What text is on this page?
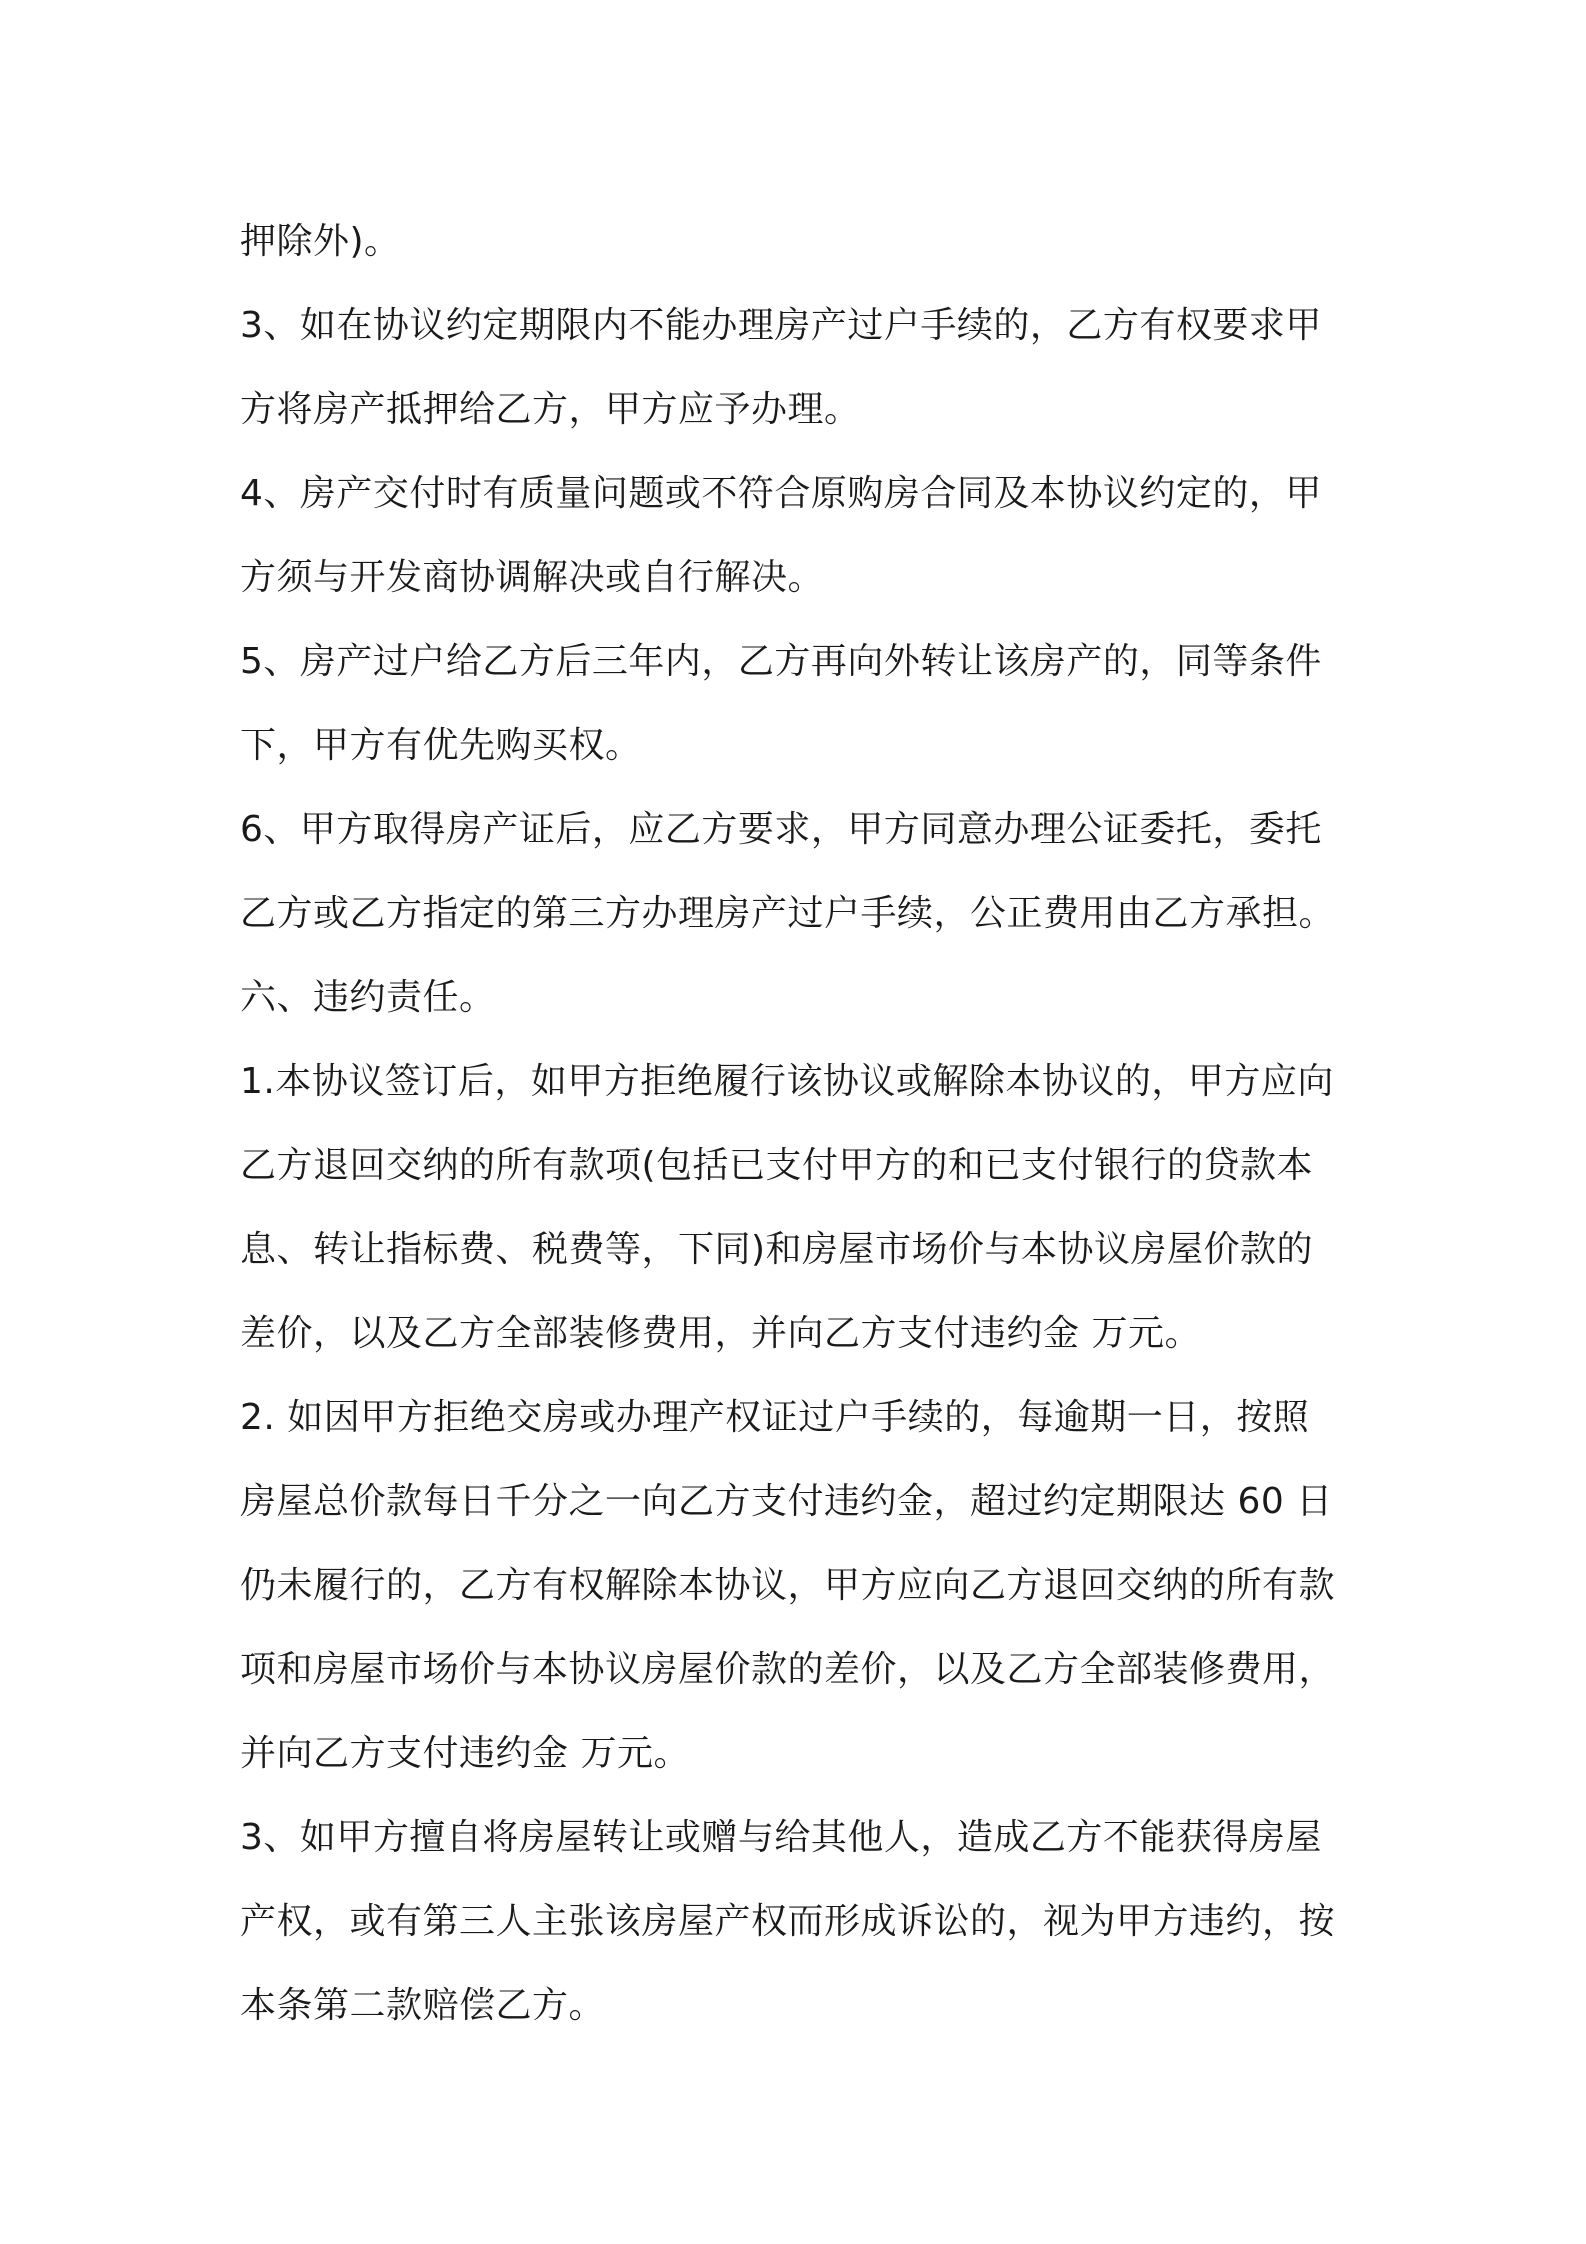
押除外)。
3、如在协议约定期限内不能办理房产过户手续的，乙方有权要求甲
方将房产抵押给乙方，甲方应予办理。
4、房产交付时有质量问题或不符合原购房合同及本协议约定的，甲
方须与开发商协调解决或自行解决。
5、房产过户给乙方后三年内，乙方再向外转让该房产的，同等条件
下，甲方有优先购买权。
6、甲方取得房产证后，应乙方要求，甲方同意办理公证委托，委托
乙方或乙方指定的第三方办理房产过户手续，公正费用由乙方承担。
六、违约责任。
1.本协议签订后，如甲方拒绝履行该协议或解除本协议的，甲方应向
乙方退回交纳的所有款项(包括已支付甲方的和已支付银行的贷款本
息、转让指标费、税费等，下同)和房屋市场价与本协议房屋价款的
差价，以及乙方全部装修费用，并向乙方支付违约金 万元。
2. 如因甲方拒绝交房或办理产权证过户手续的，每逾期一日，按照
房屋总价款每日千分之一向乙方支付违约金，超过约定期限达 60 日
仍未履行的，乙方有权解除本协议，甲方应向乙方退回交纳的所有款
项和房屋市场价与本协议房屋价款的差价，以及乙方全部装修费用，
并向乙方支付违约金 万元。
3、如甲方擅自将房屋转让或赠与给其他人，造成乙方不能获得房屋
产权，或有第三人主张该房屋产权而形成诉讼的，视为甲方违约，按
本条第二款赔偿乙方。
